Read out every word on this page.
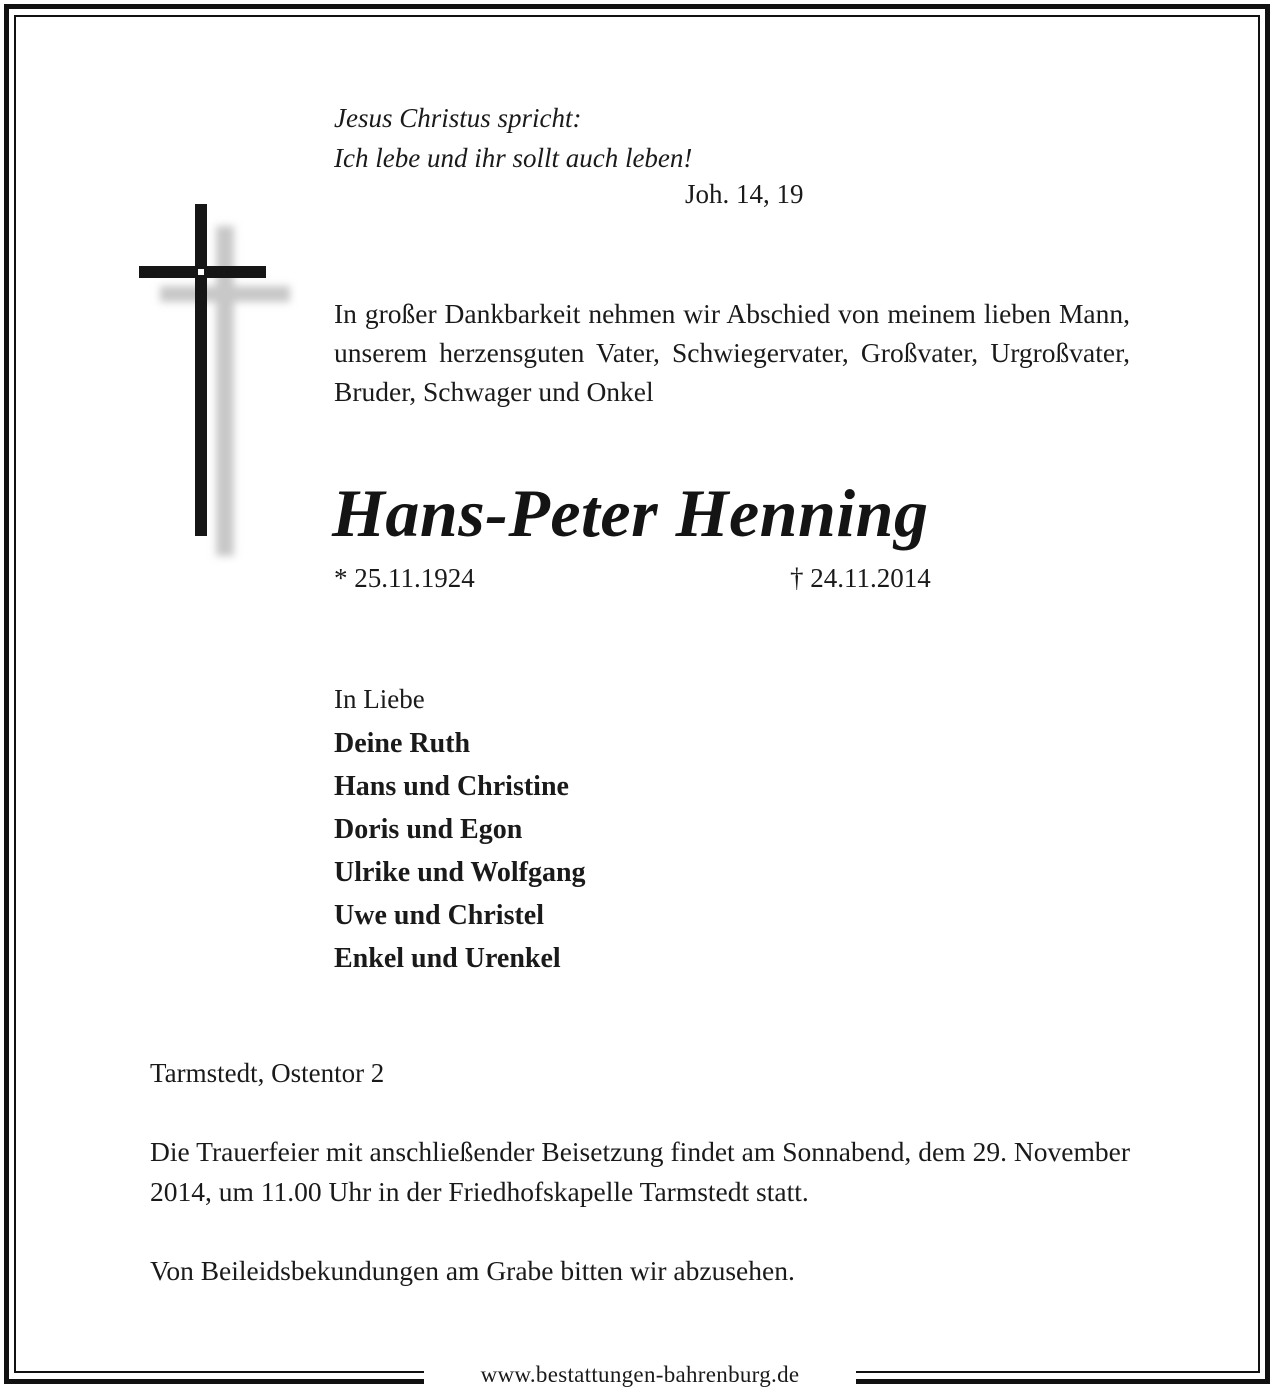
Jesus Christus spricht:
Ich lebe und ihr sollt auch leben!
Joh. 14, 19
In großer Dankbarkeit nehmen wir Abschied von meinem lieben Mann, unserem herzensguten Vater, Schwiegervater, Großvater, Urgroßvater, Bruder, Schwager und Onkel
Hans-Peter Henning
* 25.11.1924	† 24.11.2014
In Liebe
Deine Ruth
Hans und Christine
Doris und Egon
Ulrike und Wolfgang
Uwe und Christel
Enkel und Urenkel
Tarmstedt, Ostentor 2
Die Trauerfeier mit anschließender Beisetzung findet am Sonnabend, dem 29. November 2014, um 11.00 Uhr in der Friedhofskapelle Tarmstedt statt.
Von Beileidsbekundungen am Grabe bitten wir abzusehen.
www.bestattungen-bahrenburg.de
